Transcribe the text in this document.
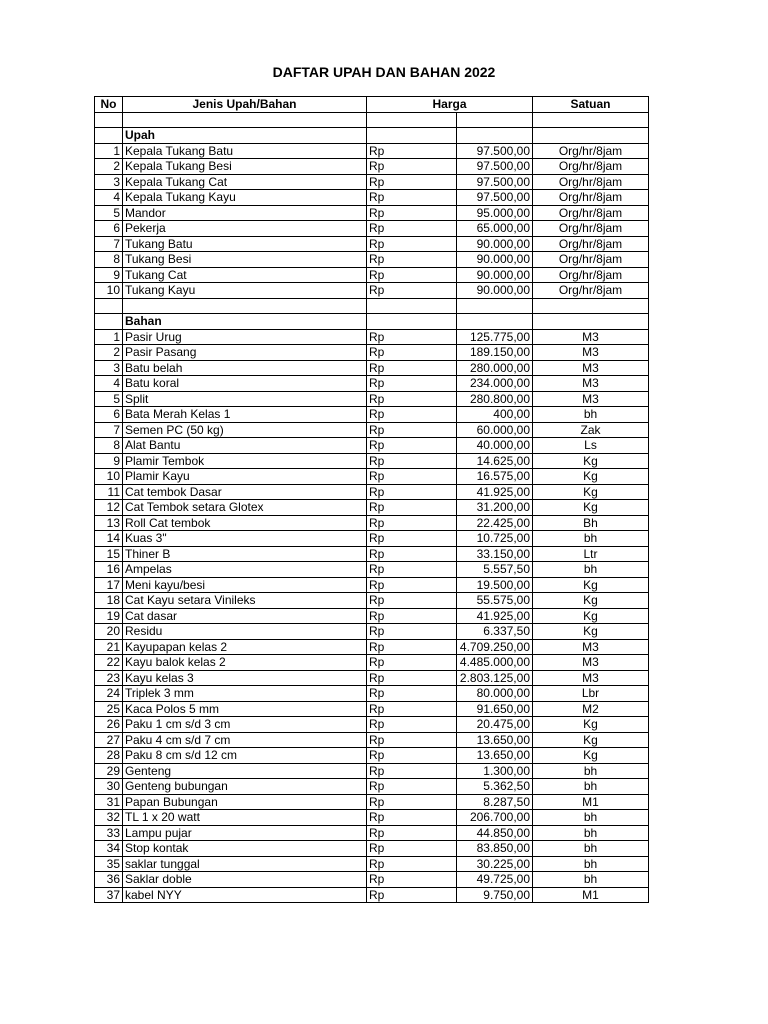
DAFTAR UPAH DAN BAHAN 2022
No	Jenis Upah/Bahan	Harga		Satuan

	Upah			
1	Kepala Tukang Batu	Rp	97.500,00	Org/hr/8jam
2	Kepala Tukang Besi	Rp	97.500,00	Org/hr/8jam
3	Kepala Tukang Cat	Rp	97.500,00	Org/hr/8jam
4	Kepala Tukang Kayu	Rp	97.500,00	Org/hr/8jam
5	Mandor	Rp	95.000,00	Org/hr/8jam
6	Pekerja	Rp	65.000,00	Org/hr/8jam
7	Tukang Batu	Rp	90.000,00	Org/hr/8jam
8	Tukang Besi	Rp	90.000,00	Org/hr/8jam
9	Tukang Cat	Rp	90.000,00	Org/hr/8jam
10	Tukang Kayu	Rp	90.000,00	Org/hr/8jam

	Bahan			
1	Pasir Urug	Rp	125.775,00	M3
2	Pasir Pasang	Rp	189.150,00	M3
3	Batu belah	Rp	280.000,00	M3
4	Batu koral	Rp	234.000,00	M3
5	Split	Rp	280.800,00	M3
6	Bata Merah Kelas 1	Rp	400,00	bh
7	Semen PC (50 kg)	Rp	60.000,00	Zak
8	Alat Bantu	Rp	40.000,00	Ls
9	Plamir Tembok	Rp	14.625,00	Kg
10	Plamir Kayu	Rp	16.575,00	Kg
11	Cat tembok Dasar	Rp	41.925,00	Kg
12	Cat Tembok setara Glotex	Rp	31.200,00	Kg
13	Roll Cat tembok	Rp	22.425,00	Bh
14	Kuas 3"	Rp	10.725,00	bh
15	Thiner B	Rp	33.150,00	Ltr
16	Ampelas	Rp	5.557,50	bh
17	Meni kayu/besi	Rp	19.500,00	Kg
18	Cat Kayu setara Vinileks	Rp	55.575,00	Kg
19	Cat dasar	Rp	41.925,00	Kg
20	Residu	Rp	6.337,50	Kg
21	Kayupapan kelas 2	Rp	4.709.250,00	M3
22	Kayu balok kelas 2	Rp	4.485.000,00	M3
23	Kayu kelas 3	Rp	2.803.125,00	M3
24	Triplek 3 mm	Rp	80.000,00	Lbr
25	Kaca Polos 5 mm	Rp	91.650,00	M2
26	Paku 1 cm s/d 3 cm	Rp	20.475,00	Kg
27	Paku 4 cm s/d 7 cm	Rp	13.650,00	Kg
28	Paku 8 cm s/d 12 cm	Rp	13.650,00	Kg
29	Genteng	Rp	1.300,00	bh
30	Genteng bubungan	Rp	5.362,50	bh
31	Papan Bubungan	Rp	8.287,50	M1
32	TL 1 x 20 watt	Rp	206.700,00	bh
33	Lampu pujar	Rp	44.850,00	bh
34	Stop kontak	Rp	83.850,00	bh
35	saklar tunggal	Rp	30.225,00	bh
36	Saklar doble	Rp	49.725,00	bh
37	kabel NYY	Rp	9.750,00	M1
